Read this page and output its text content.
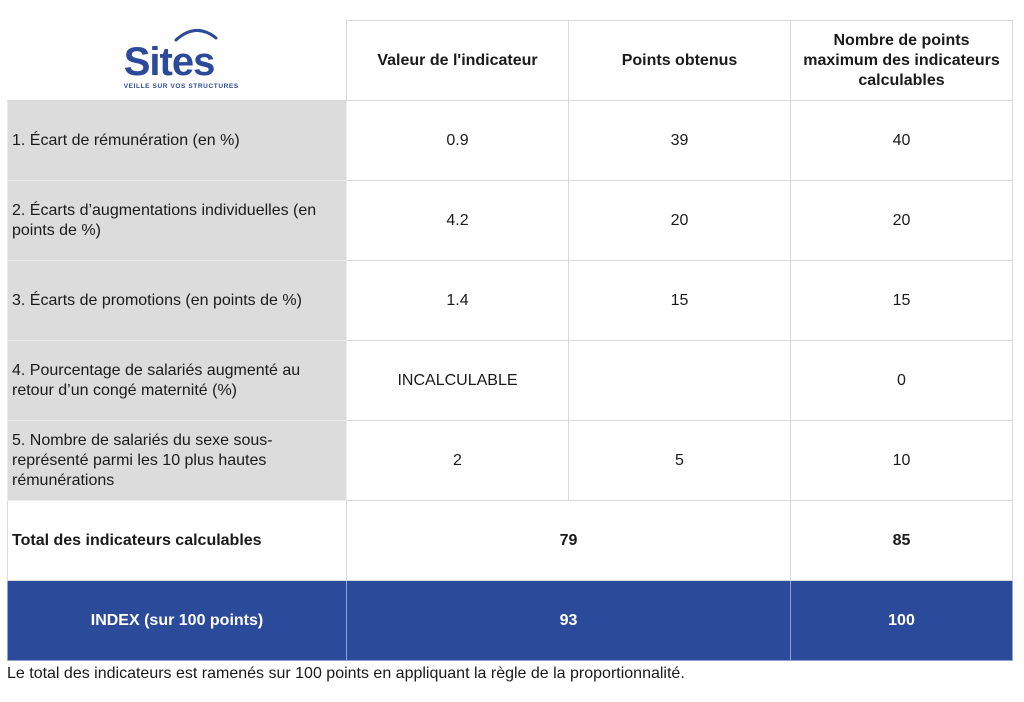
Sites
VEILLE SUR VOS STRUCTURES	Valeur de l'indicateur	Points obtenus	Nombre de points maximum des indicateurs calculables
1. Écart de rémunération (en %)	0.9	39	40
2. Écarts d’augmentations individuelles (en points de %)	4.2	20	20
3. Écarts de promotions (en points de %)	1.4	15	15
4. Pourcentage de salariés augmenté au retour d’un congé maternité (%)	INCALCULABLE		0
5. Nombre de salariés du sexe sous-représenté parmi les 10 plus hautes rémunérations	2	5	10
Total des indicateurs calculables	79		85
INDEX (sur 100 points)	93		100
Le total des indicateurs est ramenés sur 100 points en appliquant la règle de la proportionnalité.
